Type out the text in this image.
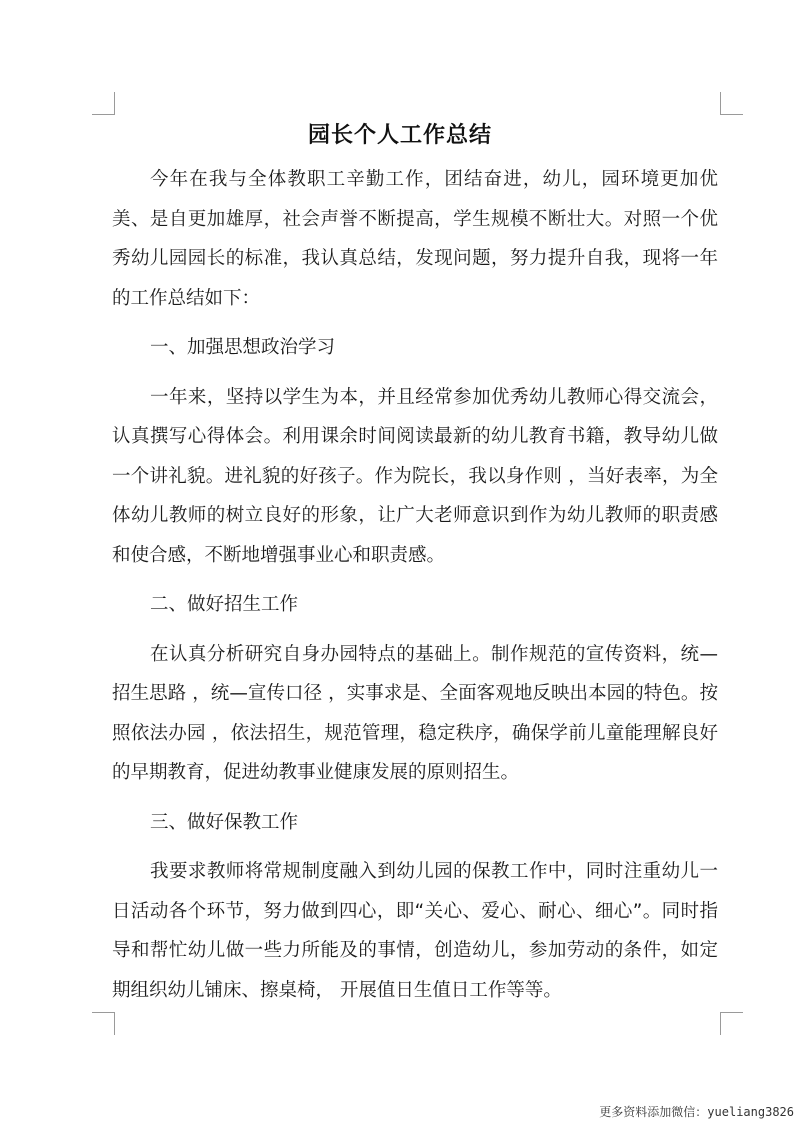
园长个人工作总结

今年在我与全体教职工辛勤工作，团结奋进，幼儿，园环境更加优美、是自更加雄厚，社会声誉不断提高，学生规模不断壮大。对照一个优秀幼儿园园长的标准，我认真总结，发现问题，努力提升自我，现将一年的工作总结如下：

一、加强思想政治学习

一年来，坚持以学生为本，并且经常参加优秀幼儿教师心得交流会，认真撰写心得体会。利用课余时间阅读最新的幼儿教育书籍，教导幼儿做一个讲礼貌。进礼貌的好孩子。作为院长，我以身作则 ，当好表率，为全体幼儿教师的树立良好的形象，让广大老师意识到作为幼儿教师的职责感和使合感，不断地增强事业心和职责感。

二、做好招生工作

在认真分析研究自身办园特点的基础上。制作规范的宣传资料，统—招生思路 ，统—宣传口径 ，实事求是、全面客观地反映出本园的特色。按照依法办园 ，依法招生，规范管理，稳定秩序，确保学前儿童能理解良好的早期教育，促进幼教事业健康发展的原则招生。

三、做好保教工作

我要求教师将常规制度融入到幼儿园的保教工作中，同时注重幼儿一日活动各个环节，努力做到四心，即“关心、爱心、耐心、细心”。同时指导和帮忙幼儿做一些力所能及的事情，创造幼儿，参加劳动的条件，如定期组织幼儿铺床、擦桌椅， 开展值日生值日工作等等。

更多资料添加微信：yueliang3826
